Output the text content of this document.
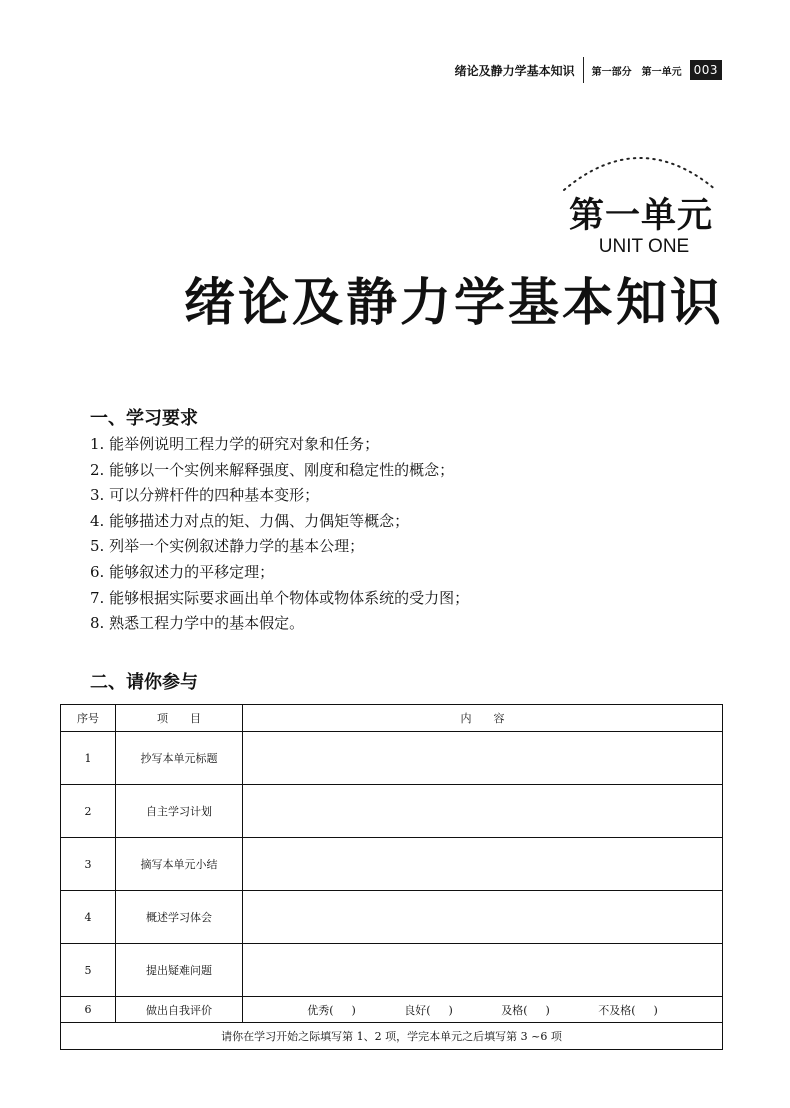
绪论及静力学基本知识	第一部分 第一单元	003
第一单元
UNIT ONE
绪论及静力学基本知识
一、学习要求
1. 能举例说明工程力学的研究对象和任务；
2. 能够以一个实例来解释强度、刚度和稳定性的概念；
3. 可以分辨杆件的四种基本变形；
4. 能够描述力对点的矩、力偶、力偶矩等概念；
5. 列举一个实例叙述静力学的基本公理；
6. 能够叙述力的平移定理；
7. 能够根据实际要求画出单个物体或物体系统的受力图；
8. 熟悉工程力学中的基本假定。
二、请你参与
序号	项　　目	内　　容
1	抄写本单元标题	
2	自主学习计划	
3	摘写本单元小结	
4	概述学习体会	
5	提出疑难问题	
6	做出自我评价	优秀( ) 良好( ) 及格( ) 不及格( )

请你在学习开始之际填写第 1、2 项，学完本单元之后填写第 3 ~6 项		
